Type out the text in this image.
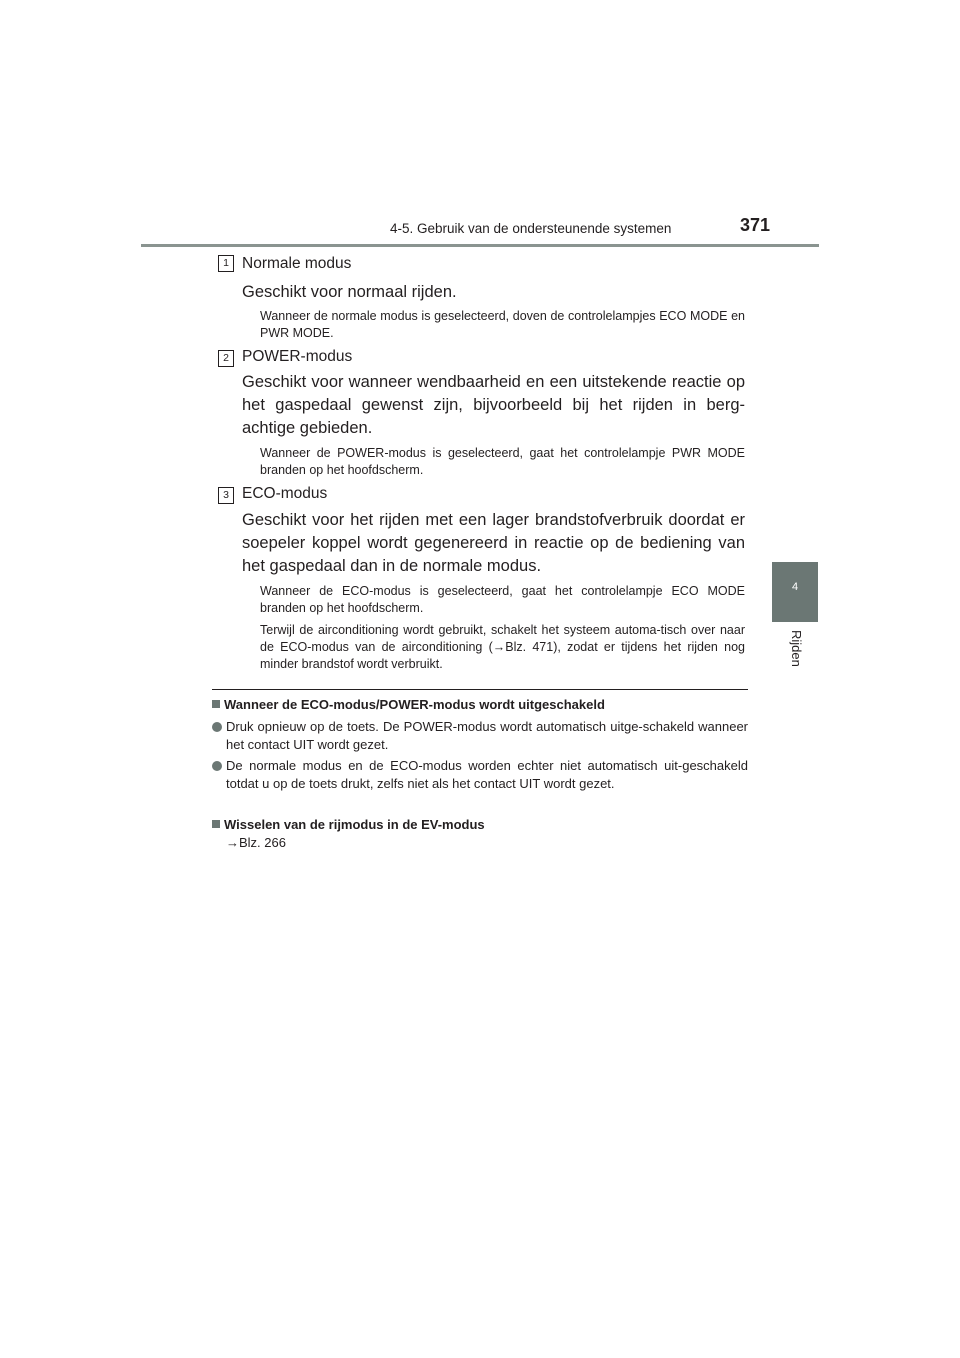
4-5. Gebruik van de ondersteunende systemen	371
4
Rijden
1 Normale modus
Geschikt voor normaal rijden.
Wanneer de normale modus is geselecteerd, doven de controlelampjes ECO MODE en PWR MODE.
2 POWER-modus
Geschikt voor wanneer wendbaarheid en een uitstekende reactie op het gaspedaal gewenst zijn, bijvoorbeeld bij het rijden in berg-achtige gebieden.
Wanneer de POWER-modus is geselecteerd, gaat het controlelampje PWR MODE branden op het hoofdscherm.
3 ECO-modus
Geschikt voor het rijden met een lager brandstofverbruik doordat er soepeler koppel wordt gegenereerd in reactie op de bediening van het gaspedaal dan in de normale modus.
Wanneer de ECO-modus is geselecteerd, gaat het controlelampje ECO MODE branden op het hoofdscherm.
Terwijl de airconditioning wordt gebruikt, schakelt het systeem automa-tisch over naar de ECO-modus van de airconditioning (→Blz. 471), zodat er tijdens het rijden nog minder brandstof wordt verbruikt.
Wanneer de ECO-modus/POWER-modus wordt uitgeschakeld
Druk opnieuw op de toets. De POWER-modus wordt automatisch uitge-schakeld wanneer het contact UIT wordt gezet.
De normale modus en de ECO-modus worden echter niet automatisch uit-geschakeld totdat u op de toets drukt, zelfs niet als het contact UIT wordt gezet.
Wisselen van de rijmodus in de EV-modus
→Blz. 266
